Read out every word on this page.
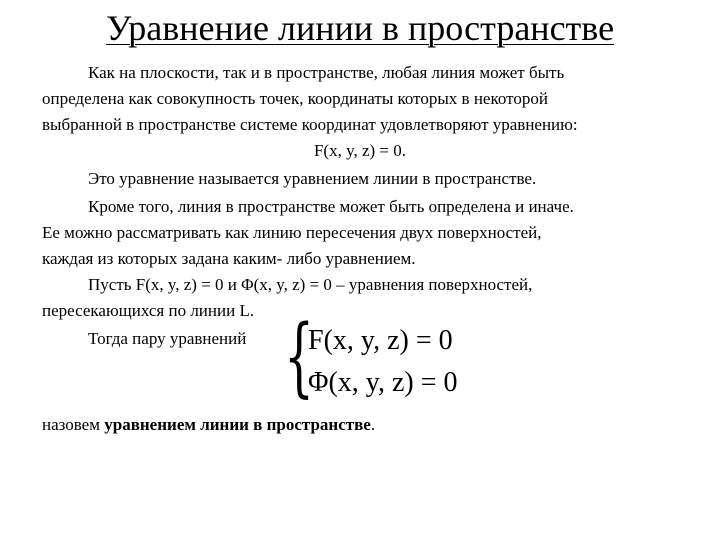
Уравнение линии в пространстве
Как на плоскости, так и в пространстве, любая линия может быть
определена как совокупность точек, координаты которых в некоторой
выбранной в пространстве системе координат удовлетворяют уравнению:
F(x, y, z) = 0.
Это уравнение называется уравнением линии в пространстве.
Кроме того, линия в пространстве может быть определена и иначе.
Ее можно рассматривать как линию пересечения двух поверхностей,
каждая из которых задана каким- либо уравнением.
Пусть F(x, y, z) = 0 и Φ(x, y, z) = 0 – уравнения поверхностей,
пересекающихся по линии L.
Тогда пару уравнений {
F(x, y, z) = 0
Φ(x, y, z) = 0
назовем уравнением линии в пространстве.
